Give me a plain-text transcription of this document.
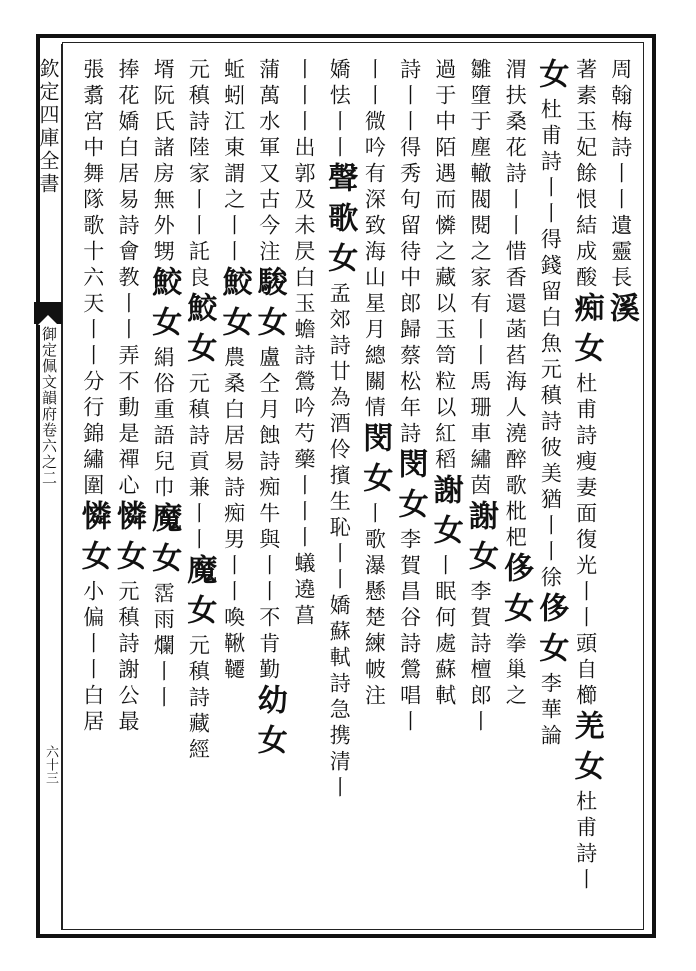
欽定四庫全書
御定佩文韻府卷六之二
六十三
周翰梅詩丨丨遺靈長溪
著素玉妃餘恨結成酸痴女杜甫詩瘦妻面復光丨丨頭自櫛羌女杜甫詩丨
女杜甫詩丨丨得錢留白魚元稹詩彼美猶丨丨徐侈女李華論
渭扶桑花詩丨丨惜香還菡萏海人澆醉歌枇杷侈女拳巢之
雛墮于塵轍閥閱之家有丨丨馬珊車繡茵謝女李賀詩檀郎丨
過于中陌遇而憐之藏以玉笥粒以紅稻謝女丨眠何處蘇軾
詩丨丨得秀句留待中郎歸蔡松年詩閔女李賀昌谷詩鶯唱丨
丨丨微吟有深致海山星月總關情閔女丨歌瀑懸楚練帔注
嬌怯丨丨聲歌女孟郊詩廿為酒伶擯生恥丨丨嬌蘇軾詩急携清丨
丨丨丨出郭及未昃白玉蟾詩鶯吟芍藥丨丨丨蟻遶菖
蒲萬水軍又古今注駿女盧仝月蝕詩痴牛與丨丨不肯勤幼女
蚯蚓江東謂之丨丨鮫女農桑白居易詩痴男丨丨喚鞦韆
元稹詩陸家丨丨託良鮫女元稹詩貢兼丨丨魔女元稹詩藏經
壻阮氏諸房無外甥鮫女絹俗重語兒巾魔女霑雨爛丨丨
捧花嬌白居易詩會教丨丨弄不動是禪心憐女元稹詩謝公最
張翥宮中舞隊歌十六天丨丨分行錦繡圍憐女小偏丨丨白居
